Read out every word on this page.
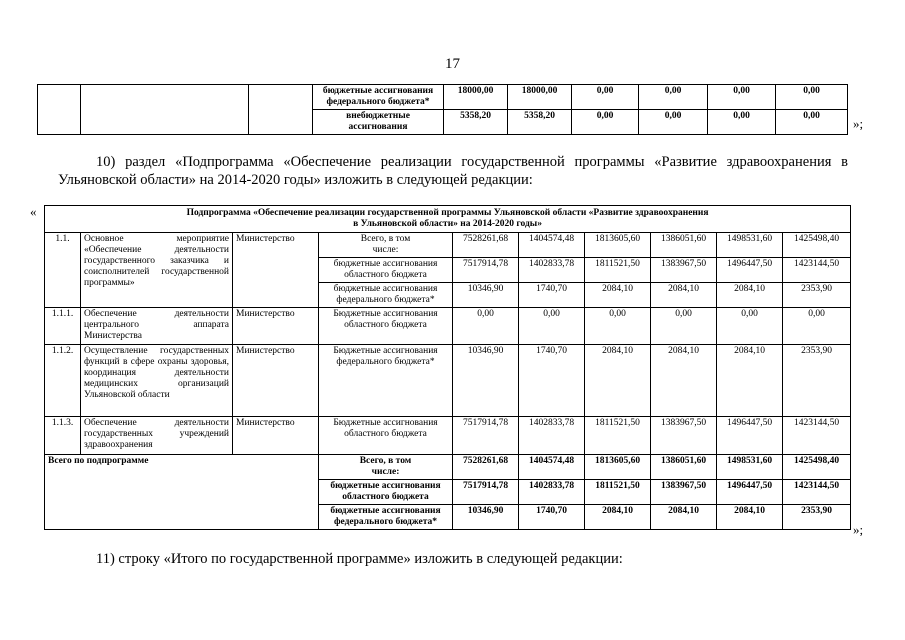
17
			бюджетные ассигнования федерального бюджета*	18000,00	18000,00	0,00	0,00	0,00	0,00
			внебюджетные ассигнования	5358,20	5358,20	0,00	0,00	0,00	0,00	»;
10) раздел «Подпрограмма «Обеспечение реализации государственной программы «Развитие здравоохранения в Ульяновской области» на 2014-2020 годы» изложить в следующей редакции:
«	Подпрограмма «Обеспечение реализации государственной программы Ульяновской области «Развитие здравоохранения в Ульяновской области» на 2014-2020 годы»									
1.1.	Основное мероприятие «Обеспечение деятельности государственного заказчика и соисполнителей государственной программы»	Министерство	Всего, в том числе:	7528261,68	1404574,48	1813605,60	1386051,60	1498531,60	1425498,40
			бюджетные ассигнования областного бюджета	7517914,78	1402833,78	1811521,50	1383967,50	1496447,50	1423144,50
			бюджетные ассигнования федерального бюджета*	10346,90	1740,70	2084,10	2084,10	2084,10	2353,90
1.1.1.	Обеспечение деятельности центрального аппарата Министерства	Министерство	Бюджетные ассигнования областного бюджета	0,00	0,00	0,00	0,00	0,00	0,00
1.1.2.	Осуществление государственных функций в сфере охраны здоровья, координация деятельности медицинских организаций Ульяновской области	Министерство	Бюджетные ассигнования федерального бюджета*	10346,90	1740,70	2084,10	2084,10	2084,10	2353,90
1.1.3.	Обеспечение деятельности государственных учреждений здравоохранения	Министерство	Бюджетные ассигнования областного бюджета	7517914,78	1402833,78	1811521,50	1383967,50	1496447,50	1423144,50
Всего по подпрограмме			Всего, в том числе:	7528261,68	1404574,48	1813605,60	1386051,60	1498531,60	1425498,40
			бюджетные ассигнования областного бюджета	7517914,78	1402833,78	1811521,50	1383967,50	1496447,50	1423144,50
			бюджетные ассигнования федерального бюджета*	10346,90	1740,70	2084,10	2084,10	2084,10	2353,90
»;
11) строку «Итого по государственной программе» изложить в следующей редакции:
